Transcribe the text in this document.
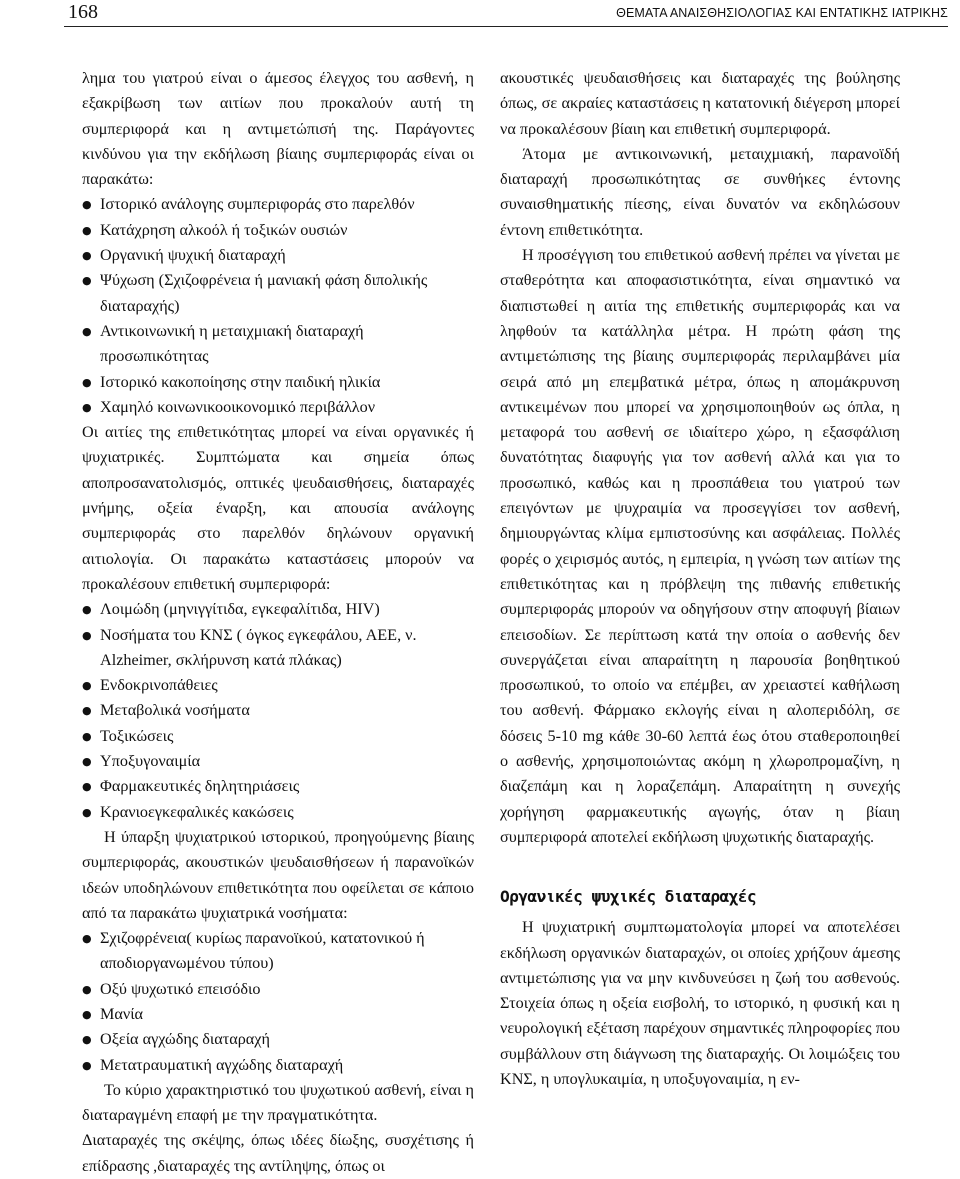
168	ΘΕΜΑΤΑ ΑΝΑΙΣΘΗΣΙΟΛΟΓΙΑΣ ΚΑΙ ΕΝΤΑΤΙΚΗΣ ΙΑΤΡΙΚΗΣ

λημα του γιατρού είναι ο άμεσος έλεγχος του ασθενή, η εξακρίβωση των αιτίων που προκαλούν αυτή τη συμπεριφορά και η αντιμετώπισή της. Παράγοντες κινδύνου για την εκδήλωση βίαιης συμπεριφοράς είναι οι παρακάτω:

● Ιστορικό ανάλογης συμπεριφοράς στο παρελθόν
● Κατάχρηση αλκοόλ ή τοξικών ουσιών
● Οργανική ψυχική διαταραχή
● Ψύχωση (Σχιζοφρένεια ή μανιακή φάση διπολικής διαταραχής)
● Αντικοινωνική η μεταιχμιακή διαταραχή προσωπικότητας
● Ιστορικό κακοποίησης στην παιδική ηλικία
● Χαμηλό κοινωνικοοικονομικό περιβάλλον

Οι αιτίες της επιθετικότητας μπορεί να είναι οργανικές ή ψυχιατρικές. Συμπτώματα και σημεία όπως αποπροσανατολισμός, οπτικές ψευδαισθήσεις, διαταραχές μνήμης, οξεία έναρξη, και απουσία ανάλογης συμπεριφοράς στο παρελθόν δηλώνουν οργανική αιτιολογία. Οι παρακάτω καταστάσεις μπορούν να προκαλέσουν επιθετική συμπεριφορά:

● Λοιμώδη (μηνιγγίτιδα, εγκεφαλίτιδα, HIV)
● Νοσήματα του ΚΝΣ ( όγκος εγκεφάλου, ΑΕΕ, ν. Alzheimer, σκλήρυνση κατά πλάκας)
● Ενδοκρινοπάθειες
● Μεταβολικά νοσήματα
● Τοξικώσεις
● Υποξυγοναιμία
● Φαρμακευτικές δηλητηριάσεις
● Κρανιοεγκεφαλικές κακώσεις

Η ύπαρξη ψυχιατρικού ιστορικού, προηγούμενης βίαιης συμπεριφοράς, ακουστικών ψευδαισθήσεων ή παρανοϊκών ιδεών υποδηλώνουν επιθετικότητα που οφείλεται σε κάποιο από τα παρακάτω ψυχιατρικά νοσήματα:

● Σχιζοφρένεια( κυρίως παρανοϊκού, κατατονικού ή αποδιοργανωμένου τύπου)
● Οξύ ψυχωτικό επεισόδιο
● Μανία
● Οξεία αγχώδης διαταραχή
● Μετατραυματική αγχώδης διαταραχή

Το κύριο χαρακτηριστικό του ψυχωτικού ασθενή, είναι η διαταραγμένη επαφή με την πραγματικότητα.

Διαταραχές της σκέψης, όπως ιδέες δίωξης, συσχέτισης ή επίδρασης ,διαταραχές της αντίληψης, όπως οι

ακουστικές ψευδαισθήσεις και διαταραχές της βούλησης όπως, σε ακραίες καταστάσεις η κατατονική διέγερση μπορεί να προκαλέσουν βίαιη και επιθετική συμπεριφορά.

Άτομα με αντικοινωνική, μεταιχμιακή, παρανοϊδή διαταραχή προσωπικότητας σε συνθήκες έντονης συναισθηματικής πίεσης, είναι δυνατόν να εκδηλώσουν έντονη επιθετικότητα.

Η προσέγγιση του επιθετικού ασθενή πρέπει να γίνεται με σταθερότητα και αποφασιστικότητα, είναι σημαντικό να διαπιστωθεί η αιτία της επιθετικής συμπεριφοράς και να ληφθούν τα κατάλληλα μέτρα. Η πρώτη φάση της αντιμετώπισης της βίαιης συμπεριφοράς περιλαμβάνει μία σειρά από μη επεμβατικά μέτρα, όπως η απομάκρυνση αντικειμένων που μπορεί να χρησιμοποιηθούν ως όπλα, η μεταφορά του ασθενή σε ιδιαίτερο χώρο, η εξασφάλιση δυνατότητας διαφυγής για τον ασθενή αλλά και για το προσωπικό, καθώς και η προσπάθεια του γιατρού των επειγόντων με ψυχραιμία να προσεγγίσει τον ασθενή, δημιουργώντας κλίμα εμπιστοσύνης και ασφάλειας. Πολλές φορές ο χειρισμός αυτός, η εμπειρία, η γνώση των αιτίων της επιθετικότητας και η πρόβλεψη της πιθανής επιθετικής συμπεριφοράς μπορούν να οδηγήσουν στην αποφυγή βίαιων επεισοδίων. Σε περίπτωση κατά την οποία ο ασθενής δεν συνεργάζεται είναι απαραίτητη η παρουσία βοηθητικού προσωπικού, το οποίο να επέμβει, αν χρειαστεί καθήλωση του ασθενή. Φάρμακο εκλογής είναι η αλοπεριδόλη, σε δόσεις 5-10 mg κάθε 30-60 λεπτά έως ότου σταθεροποιηθεί ο ασθενής, χρησιμοποιώντας ακόμη η χλωροπρομαζίνη, η διαζεπάμη και η λοραζεπάμη. Απαραίτητη η συνεχής χορήγηση φαρμακευτικής αγωγής, όταν η βίαιη συμπεριφορά αποτελεί εκδήλωση ψυχωτικής διαταραχής.

Οργανικές ψυχικές διαταραχές

Η ψυχιατρική συμπτωματολογία μπορεί να αποτελέσει εκδήλωση οργανικών διαταραχών, οι οποίες χρήζουν άμεσης αντιμετώπισης για να μην κινδυνεύσει η ζωή του ασθενούς. Στοιχεία όπως η οξεία εισβολή, το ιστορικό, η φυσική και η νευρολογική εξέταση παρέχουν σημαντικές πληροφορίες που συμβάλλουν στη διάγνωση της διαταραχής. Οι λοιμώξεις του ΚΝΣ, η υπογλυκαιμία, η υποξυγοναιμία, η εν-
